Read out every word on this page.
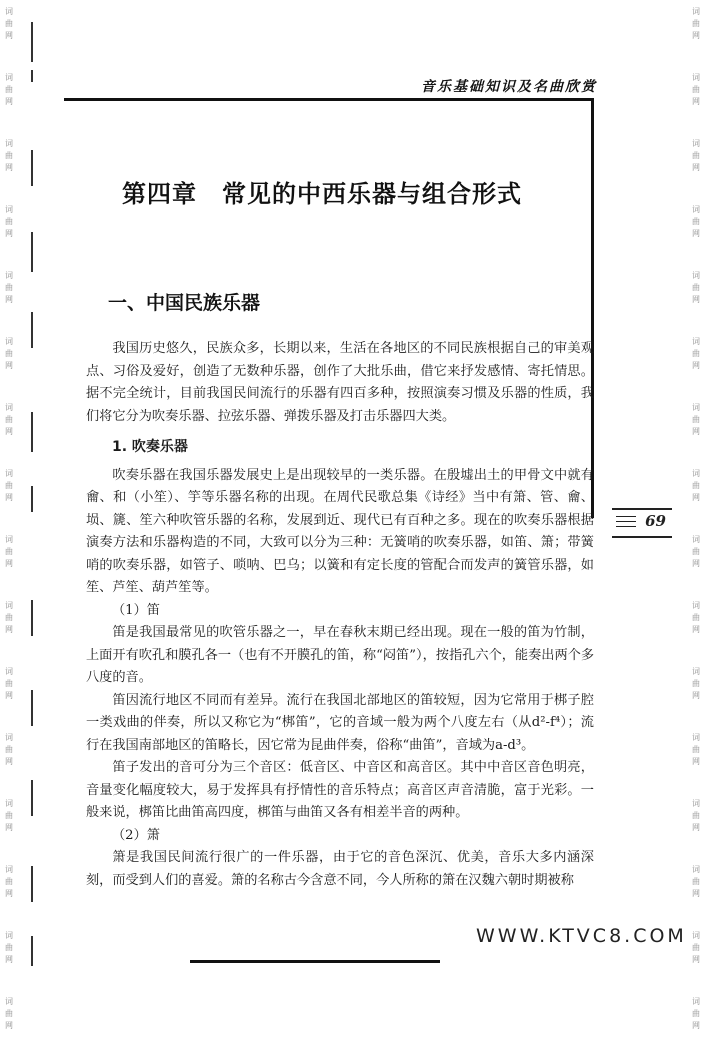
词
曲
网
词
曲
网
词
曲
网
词
曲
网
词
曲
网
词
曲
网
词
曲
网
词
曲
网
词
曲
网
词
曲
网
词
曲
网
词
曲
网
词
曲
网
词
曲
网
词
曲
网
词
曲
网
词
曲
网
词
曲
网
词
曲
网
词
曲
网
词
曲
网
词
曲
网
词
曲
网
词
曲
网
词
曲
网
词
曲
网
词
曲
网
词
曲
网
词
曲
网
词
曲
网
词
曲
网
词
曲
网
音乐基础知识及名曲欣赏
69
第四章　常见的中西乐器与组合形式
一、中国民族乐器

我国历史悠久，民族众多，长期以来，生活在各地区的不同民族根据自己的审美观点、习俗及爱好，创造了无数种乐器，创作了大批乐曲，借它来抒发感情、寄托情思。据不完全统计，目前我国民间流行的乐器有四百多种，按照演奏习惯及乐器的性质，我们将它分为吹奏乐器、拉弦乐器、弹拨乐器及打击乐器四大类。

1. 吹奏乐器

吹奏乐器在我国乐器发展史上是出现较早的一类乐器。在殷墟出土的甲骨文中就有龠、和（小笙）、竽等乐器名称的出现。在周代民歌总集《诗经》当中有箫、管、龠、埙、篪、笙六种吹管乐器的名称，发展到近、现代已有百种之多。现在的吹奏乐器根据演奏方法和乐器构造的不同，大致可以分为三种：无簧哨的吹奏乐器，如笛、箫；带簧哨的吹奏乐器，如管子、唢呐、巴乌；以簧和有定长度的管配合而发声的簧管乐器，如笙、芦笙、葫芦笙等。

（1）笛

笛是我国最常见的吹管乐器之一，早在春秋末期已经出现。现在一般的笛为竹制，上面开有吹孔和膜孔各一（也有不开膜孔的笛，称“闷笛”），按指孔六个，能奏出两个多八度的音。

笛因流行地区不同而有差异。流行在我国北部地区的笛较短，因为它常用于梆子腔一类戏曲的伴奏，所以又称它为“梆笛”，它的音域一般为两个八度左右（从d²-f⁴）；流行在我国南部地区的笛略长，因它常为昆曲伴奏，俗称“曲笛”，音域为a-d³。

笛子发出的音可分为三个音区：低音区、中音区和高音区。其中中音区音色明亮，音量变化幅度较大，易于发挥具有抒情性的音乐特点；高音区声音清脆，富于光彩。一般来说，梆笛比曲笛高四度，梆笛与曲笛又各有相差半音的两种。

（2）箫

箫是我国民间流行很广的一件乐器，由于它的音色深沉、优美，音乐大多内涵深刻，而受到人们的喜爱。箫的名称古今含意不同，今人所称的箫在汉魏六朝时期被称

WWW.KTVC8.COM
